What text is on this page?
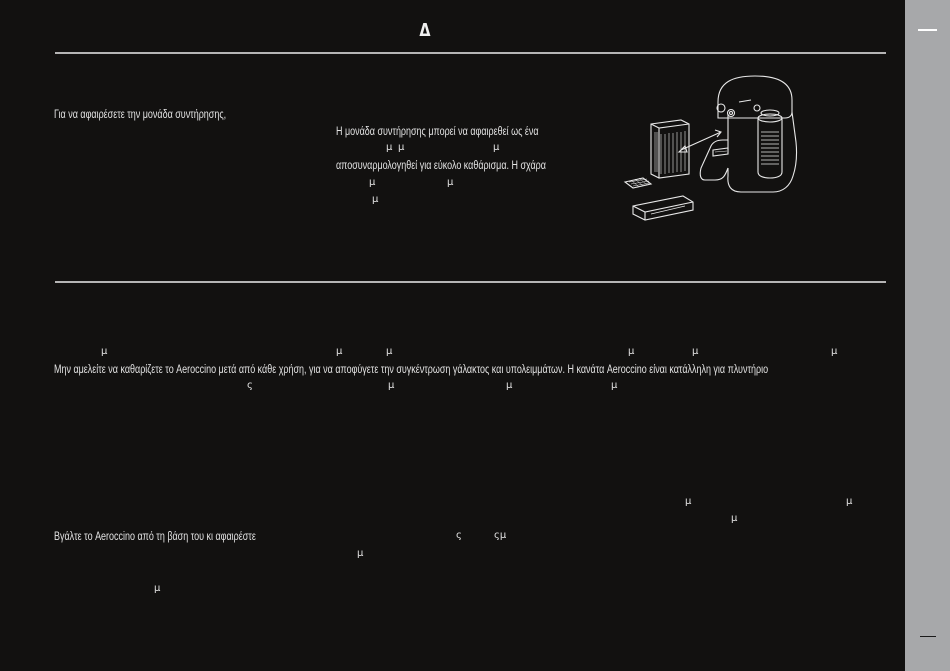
Δ
Για να αφαιρέσετε την μονάδα συντήρησης,
Η μονάδα συντήρησης μπορεί να αφαιρεθεί ως ένα
μ μ	μ
αποσυναρμολογηθεί για εύκολο καθάρισμα. Η σχάρα
μ	μ
μ
μ	μ	μ	μ	μ	μ
Μην αμελείτε να καθαρίζετε το Aeroccino μετά από κάθε χρήση, για να αποφύγετε την συγκέντρωση γάλακτος και υπολειμμάτων. Η κανάτα Aeroccino είναι κατάλληλη για πλυντήριο
ς	μ	μ	μ
μ	μ
μ
Βγάλτε το Aeroccino από τη βάση του κι αφαιρέστε	ς	ςμ
μ
μ
